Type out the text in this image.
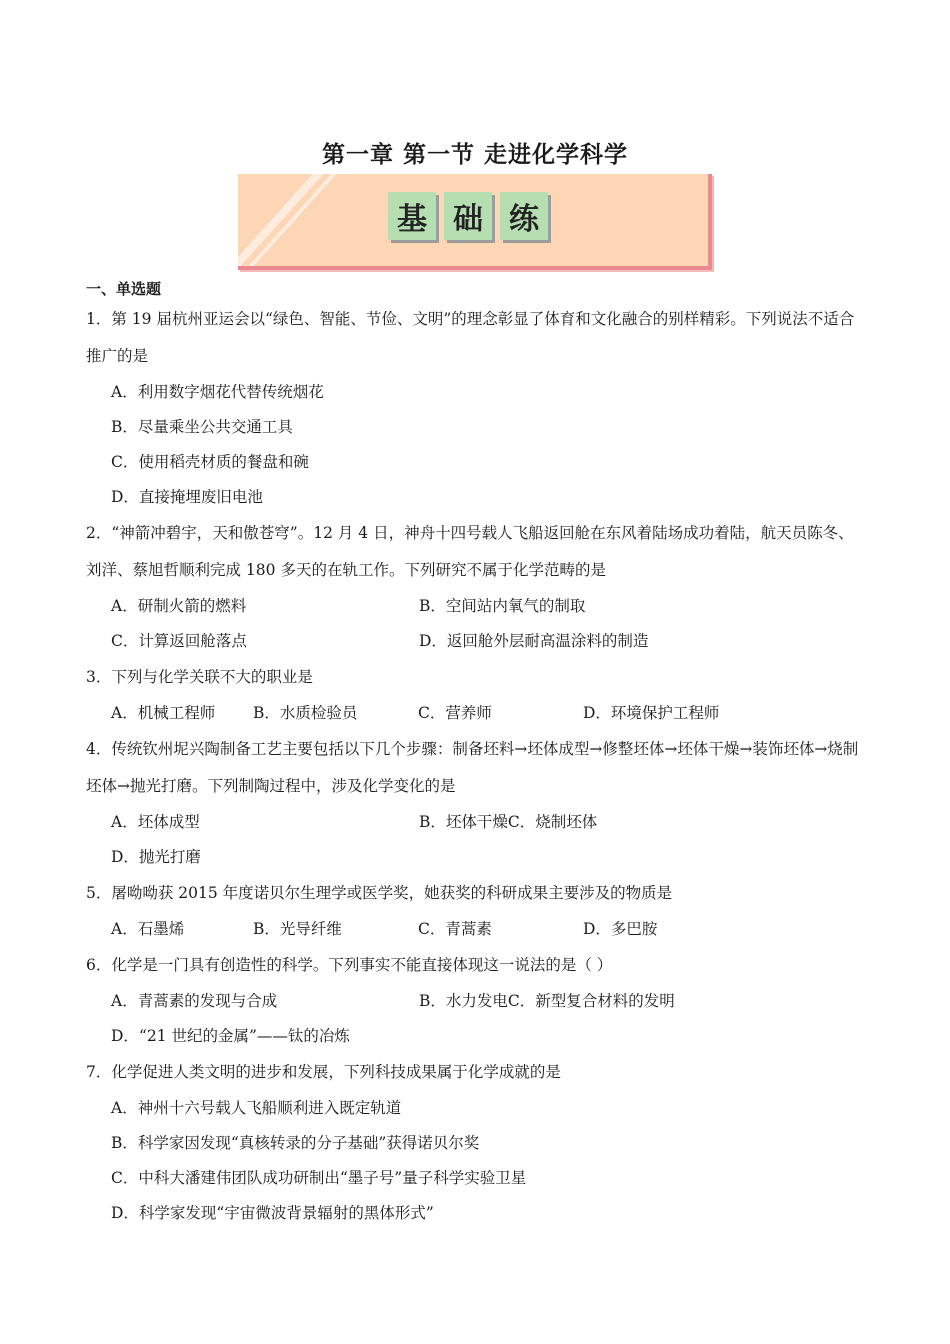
第一章 第一节 走进化学科学
基 础 练
一、单选题
1．第 19 届杭州亚运会以“绿色、智能、节俭、文明”的理念彰显了体育和文化融合的别样精彩。下列说法不适合推广的是
A．利用数字烟花代替传统烟花
B．尽量乘坐公共交通工具
C．使用稻壳材质的餐盘和碗
D．直接掩埋废旧电池
2．“神箭冲碧宇，天和傲苍穹”。12 月 4 日，神舟十四号载人飞船返回舱在东风着陆场成功着陆，航天员陈冬、刘洋、蔡旭哲顺利完成 180 多天的在轨工作。下列研究不属于化学范畴的是
A．研制火箭的燃料	B．空间站内氧气的制取
C．计算返回舱落点	D．返回舱外层耐高温涂料的制造
3．下列与化学关联不大的职业是
A．机械工程师	B．水质检验员	C．营养师	D．环境保护工程师
4．传统钦州坭兴陶制备工艺主要包括以下几个步骤：制备坯料→坯体成型→修整坯体→坯体干燥→装饰坯体→烧制坯体→抛光打磨。下列制陶过程中，涉及化学变化的是
A．坯体成型	B．坯体干燥 C．烧制坯体
D．抛光打磨
5．屠呦呦获 2015 年度诺贝尔生理学或医学奖，她获奖的科研成果主要涉及的物质是
A．石墨烯	B．光导纤维	C．青蒿素	D．多巴胺
6．化学是一门具有创造性的科学。下列事实不能直接体现这一说法的是（ ）
A．青蒿素的发现与合成	B．水力发电 C．新型复合材料的发明
D．“21 世纪的金属”——钛的冶炼
7．化学促进人类文明的进步和发展，下列科技成果属于化学成就的是
A．神州十六号载人飞船顺利进入既定轨道
B．科学家因发现“真核转录的分子基础”获得诺贝尔奖
C．中科大潘建伟团队成功研制出“墨子号”量子科学实验卫星
D．科学家发现“宇宙微波背景辐射的黑体形式”
